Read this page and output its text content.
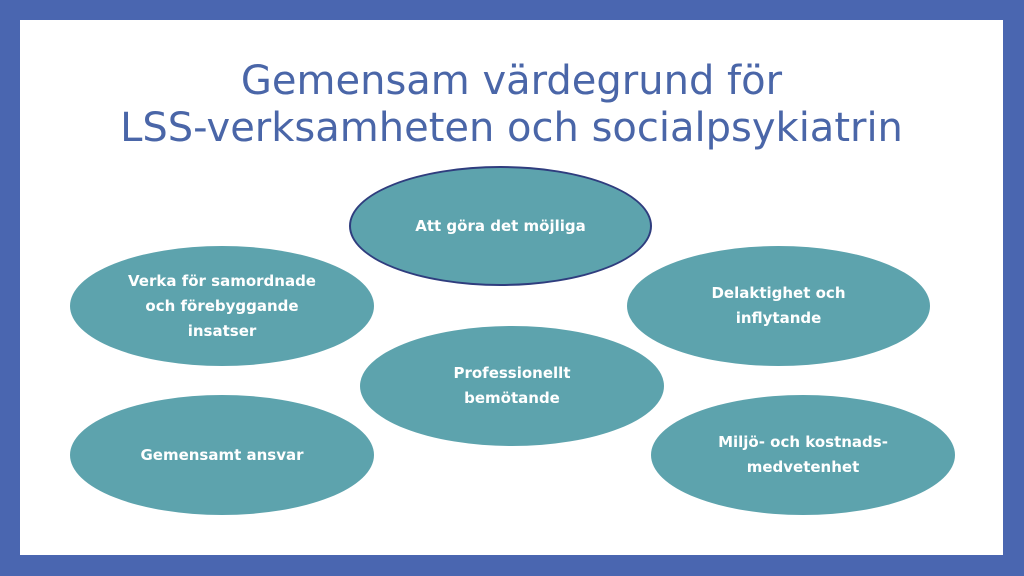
Gemensam värdegrund för
LSS-verksamheten och socialpsykiatrin
Att göra det möjliga
Verka för samordnade och förebyggande insatser
Delaktighet och inflytande
Professionellt bemötande
Gemensamt ansvar
Miljö- och kostnads-medvetenhet
